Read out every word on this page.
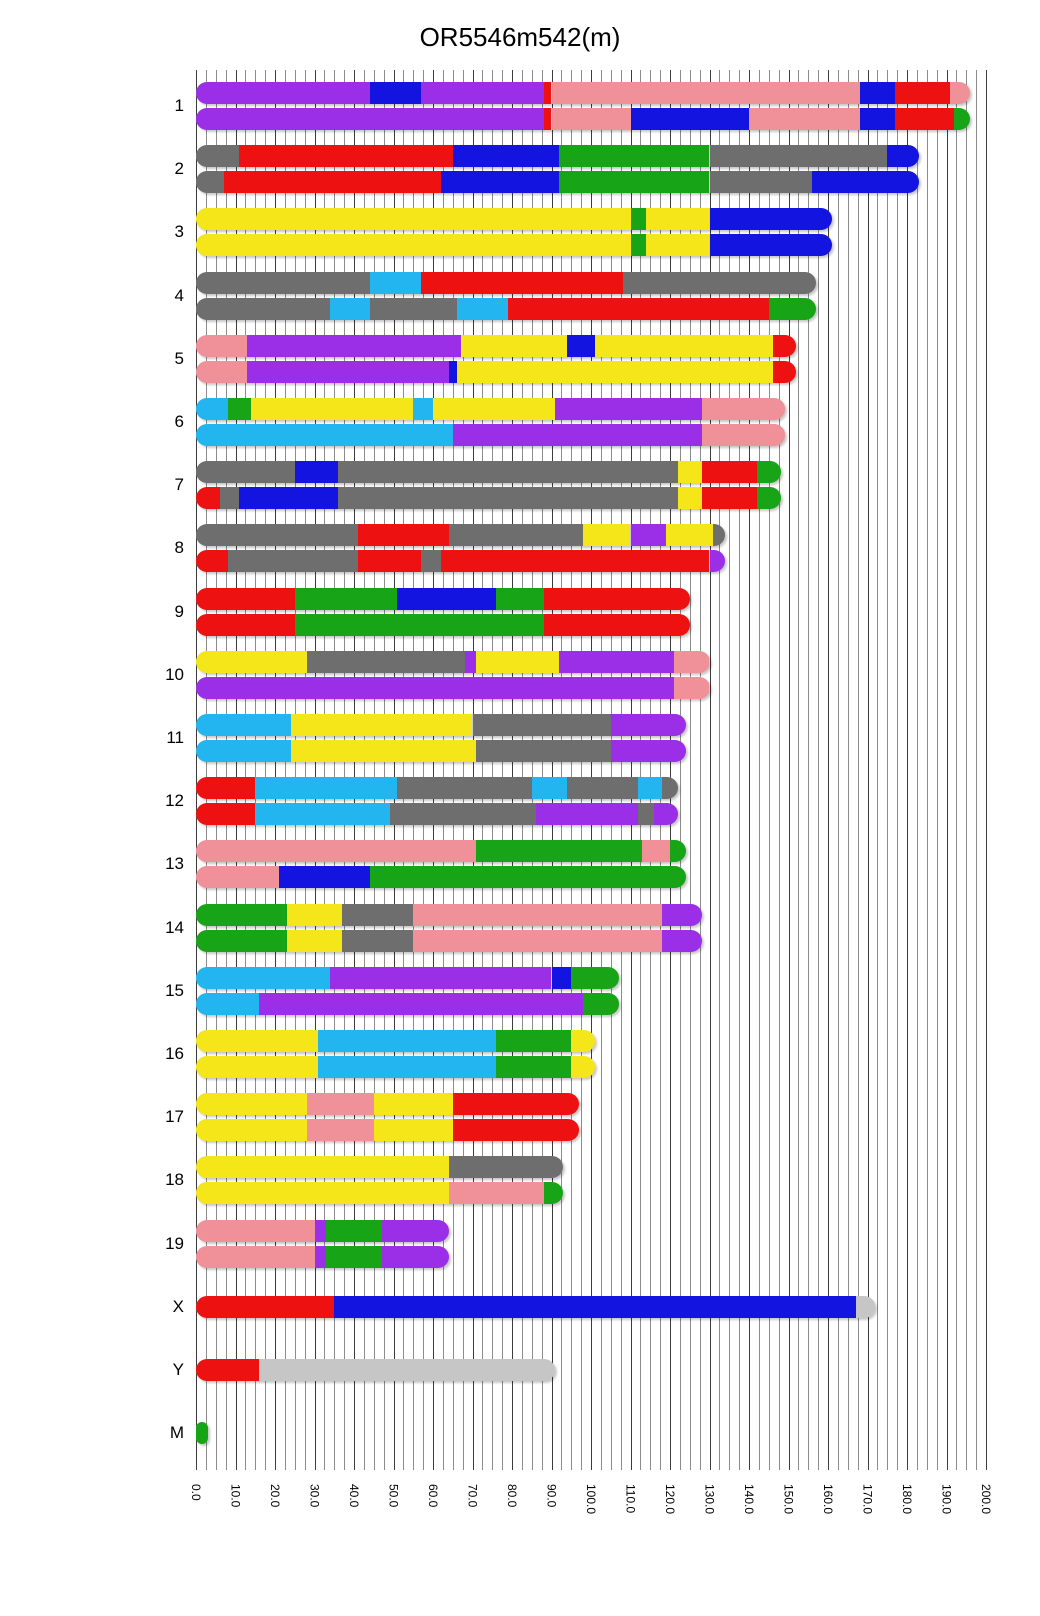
OR5546m542(m)
1
2
3
4
5
6
7
8
9
10
11
12
13
14
15
16
17
18
19
X
Y
M
0.0 10.0 20.0 30.0 40.0 50.0 60.0 70.0 80.0 90.0 100.0 110.0 120.0 130.0 140.0 150.0 160.0 170.0 180.0 190.0 200.0
